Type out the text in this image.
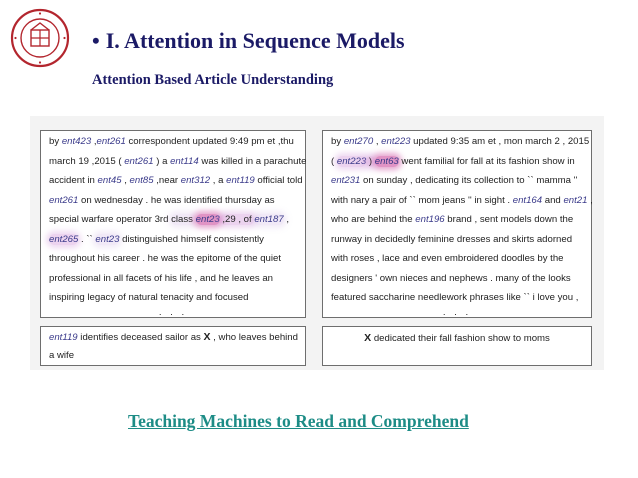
• I. Attention in Sequence Models
Attention Based Article Understanding
by ent423 ,ent261 correspondent updated 9:49 pm et ,thu
march 19 ,2015 ( ent261 ) a ent114 was killed in a parachute
accident in ent45 , ent85 ,near ent312 , a ent119 official told
ent261 on wednesday . he was identified thursday as
special warfare operator 3rd class ent23 ,29 , of ent187 ,
ent265 . `` ent23 distinguished himself consistently
throughout his career . he was the epitome of the quiet
professional in all facets of his life , and he leaves an
inspiring legacy of natural tenacity and focused
. . .
by ent270 , ent223 updated 9:35 am et , mon march 2 , 2015
( ent223 ) ent63 went familial for fall at its fashion show in
ent231 on sunday , dedicating its collection to `` mamma ''
with nary a pair of `` mom jeans '' in sight . ent164 and ent21 ,
who are behind the ent196 brand , sent models down the
runway in decidedly feminine dresses and skirts adorned
with roses , lace and even embroidered doodles by the
designers ' own nieces and nephews . many of the looks
featured saccharine needlework phrases like `` i love you ,
. . .
ent119 identifies deceased sailor as X , who leaves behind
a wife
X dedicated their fall fashion show to moms
Teaching Machines to Read and Comprehend
